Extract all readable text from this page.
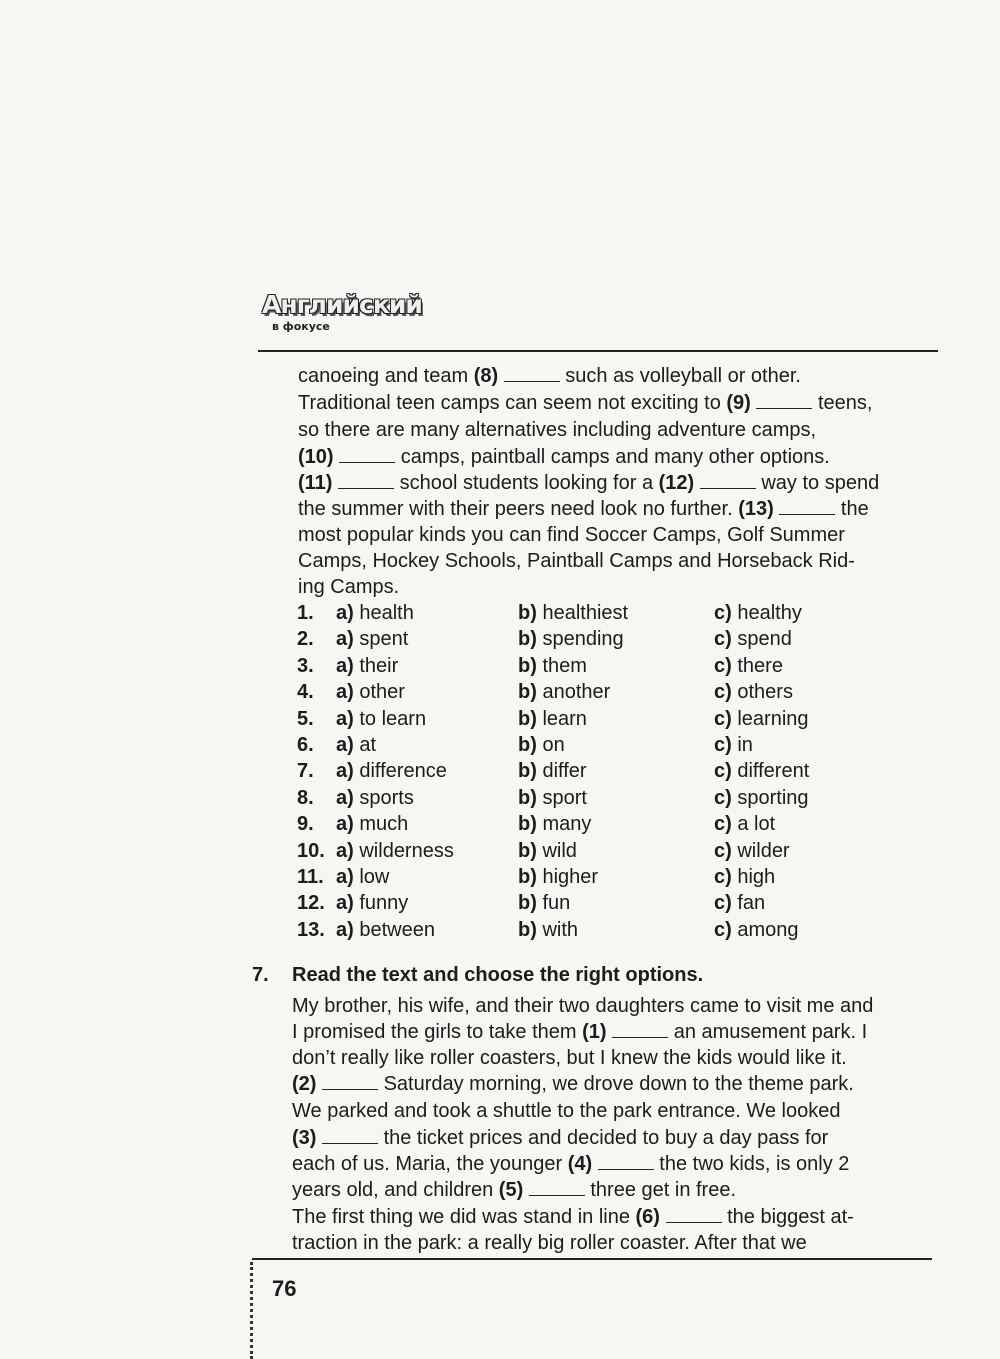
Английский
в фокусе
canoeing and team (8)	such as volleyball or other.
Traditional teen camps can seem not exciting to (9)	teens,
so there are many alternatives including adventure camps,
(10)	camps, paintball camps and many other options.
(11)	school students looking for a (12)	way to spend
the summer with their peers need look no further. (13)	the
most popular kinds you can find Soccer Camps, Golf Summer
Camps, Hockey Schools, Paintball Camps and Horseback Rid-
ing Camps.
1. a) health	b) healthiest	c) healthy
2. a) spent	b) spending	c) spend
3. a) their	b) them	c) there
4. a) other	b) another	c) others
5. a) to learn	b) learn	c) learning
6. a) at	b) on	c) in
7. a) difference	b) differ	c) different
8. a) sports	b) sport	c) sporting
9. a) much	b) many	c) a lot
10. a) wilderness	b) wild	c) wilder
11. a) low	b) higher	c) high
12. a) funny	b) fun	c) fan
13. a) between	b) with	c) among
7. Read the text and choose the right options.
My brother, his wife, and their two daughters came to visit me and
I promised the girls to take them (1)	an amusement park. I
don’t really like roller coasters, but I knew the kids would like it.
(2)	Saturday morning, we drove down to the theme park.
We parked and took a shuttle to the park entrance. We looked
(3)	the ticket prices and decided to buy a day pass for
each of us. Maria, the younger (4)	the two kids, is only 2
years old, and children (5)	three get in free.
The first thing we did was stand in line (6)	the biggest at-
traction in the park: a really big roller coaster. After that we
76
